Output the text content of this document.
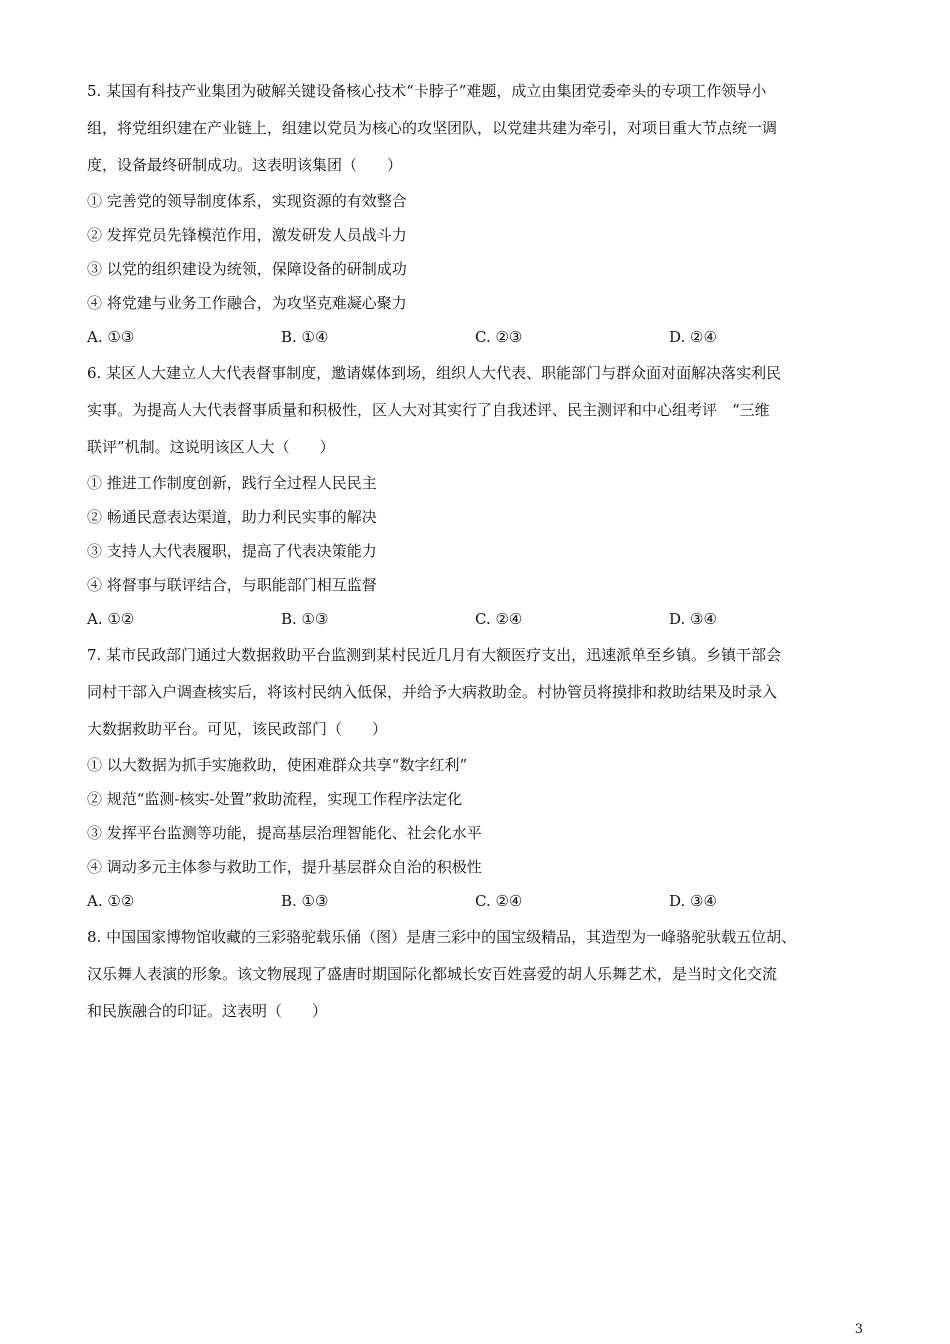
5. 某国有科技产业集团为破解关键设备核心技术“卡脖子”难题，成立由集团党委牵头的专项工作领导小
组，将党组织建在产业链上，组建以党员为核心的攻坚团队，以党建共建为牵引，对项目重大节点统一调
度，设备最终研制成功。这表明该集团（　　）
① 完善党的领导制度体系，实现资源的有效整合
② 发挥党员先锋模范作用，激发研发人员战斗力
③ 以党的组织建设为统领，保障设备的研制成功
④ 将党建与业务工作融合，为攻坚克难凝心聚力
A. ①③	B. ①④	C. ②③	D. ②④
6. 某区人大建立人大代表督事制度，邀请媒体到场，组织人大代表、职能部门与群众面对面解决落实利民
实事。为提高人大代表督事质量和积极性，区人大对其实行了自我述评、民主测评和中心组考评　“三维
联评”机制。这说明该区人大（　　）
① 推进工作制度创新，践行全过程人民民主
② 畅通民意表达渠道，助力利民实事的解决
③ 支持人大代表履职，提高了代表决策能力
④ 将督事与联评结合，与职能部门相互监督
A. ①②	B. ①③	C. ②④	D. ③④
7. 某市民政部门通过大数据救助平台监测到某村民近几月有大额医疗支出，迅速派单至乡镇。乡镇干部会
同村干部入户调查核实后，将该村民纳入低保，并给予大病救助金。村协管员将摸排和救助结果及时录入
大数据救助平台。可见，该民政部门（　　）
① 以大数据为抓手实施救助，使困难群众共享“数字红利”
② 规范“监测-核实-处置”救助流程，实现工作程序法定化
③ 发挥平台监测等功能，提高基层治理智能化、社会化水平
④ 调动多元主体参与救助工作，提升基层群众自治的积极性
A. ①②	B. ①③	C. ②④	D. ③④
8. 中国国家博物馆收藏的三彩骆驼载乐俑（图）是唐三彩中的国宝级精品，其造型为一峰骆驼驮载五位胡、
汉乐舞人表演的形象。该文物展现了盛唐时期国际化都城长安百姓喜爱的胡人乐舞艺术，是当时文化交流
和民族融合的印证。这表明（　　）
3
